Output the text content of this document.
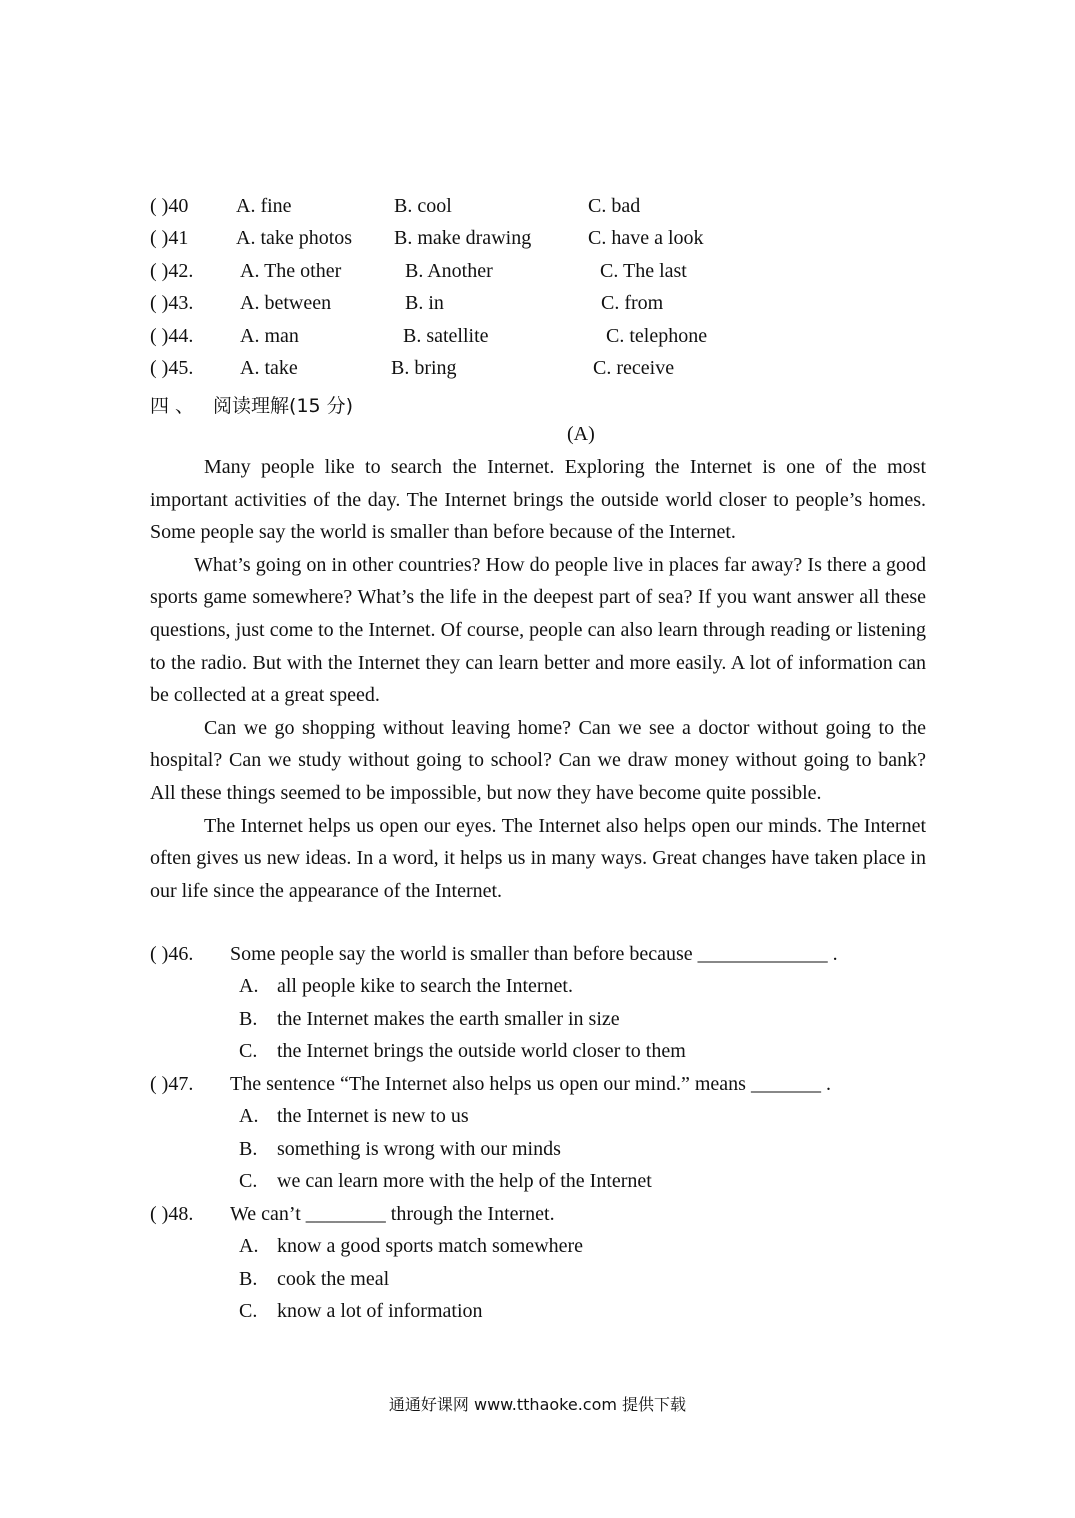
( )40 A. fine	B. cool	C. bad
( )41 A. take photos B. make drawing	C. have a look
( )42. A. The other	B. Another	C. The last
( )43. A. between	B. in	C. from
( )44. A. man	B. satellite	C. telephone
( )45. A. take	B. bring	C. receive
四 、 阅读理解(15 分)
(A)

Many people like to search the Internet. Exploring the Internet is one of the most important activities of the day. The Internet brings the outside world closer to people’s homes. Some people say the world is smaller than before because of the Internet.

What’s going on in other countries? How do people live in places far away? Is there a good sports game somewhere? What’s the life in the deepest part of sea? If you want answer all these questions, just come to the Internet. Of course, people can also learn through reading or listening to the radio. But with the Internet they can learn better and more easily. A lot of information can be collected at a great speed.

Can we go shopping without leaving home? Can we see a doctor without going to the hospital? Can we study without going to school? Can we draw money without going to bank? All these things seemed to be impossible, but now they have become quite possible.

The Internet helps us open our eyes. The Internet also helps open our minds. The Internet often gives us new ideas. In a word, it helps us in many ways. Great changes have taken place in our life since the appearance of the Internet.

( )46. Some people say the world is smaller than before because _____________ .
A. all people kike to search the Internet.
B. the Internet makes the earth smaller in size
C. the Internet brings the outside world closer to them
( )47. The sentence “The Internet also helps us open our mind.” means _______ .
A. the Internet is new to us
B. something is wrong with our minds
C. we can learn more with the help of the Internet
( )48. We can’t ________ through the Internet.
A. know a good sports match somewhere
B. cook the meal
C. know a lot of information
通通好课网 www.tthaoke.com 提供下载
